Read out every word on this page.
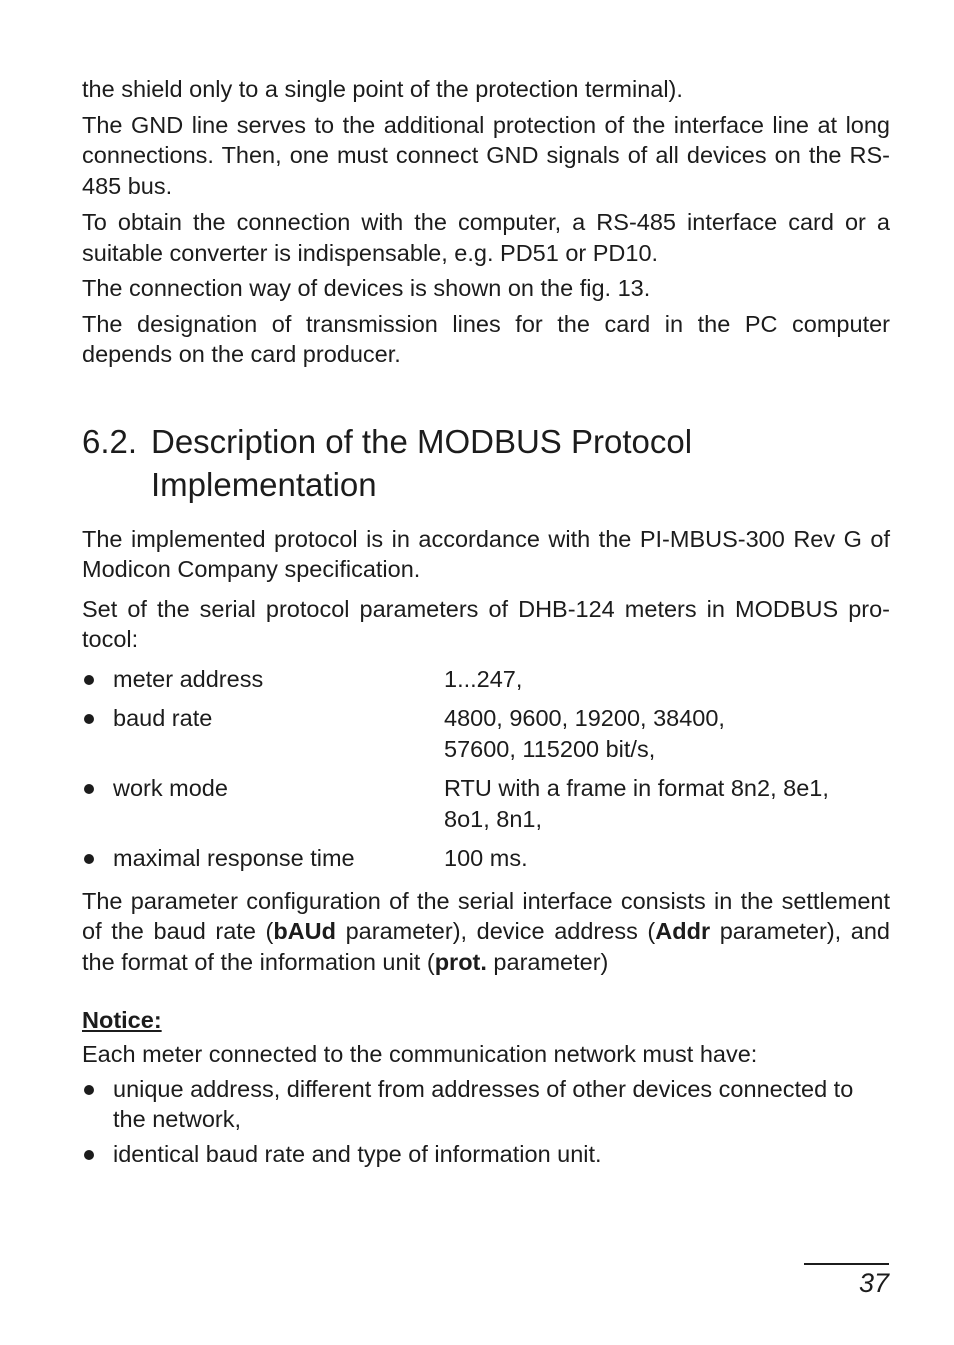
the shield only to a single point of the protection terminal).

The GND line serves to the additional protection of the interface line at long connections. Then, one must connect GND signals of all devices on the RS-485 bus.

To obtain the connection with the computer, a RS-485 interface card or a suitable converter is indispensable, e.g. PD51 or PD10.

The connection way of devices is shown on the fig. 13.

The designation of transmission lines for the card in the PC computer depends on the card producer.

6.2. Description of the MODBUS Protocol
Implementation

The implemented protocol is in accordance with the PI-MBUS-300 Rev G of Modicon Company specification.

Set of the serial protocol parameters of DHB-124 meters in MODBUS pro-tocol:

meter address	1...247,
baud rate	4800, 9600, 19200, 38400,
57600, 115200 bit/s,
work mode	RTU with a frame in format 8n2, 8e1,
8o1, 8n1,
maximal response time	100 ms.

The parameter configuration of the serial interface consists in the settlement of the baud rate (bAUd parameter), device address (Addr parameter), and the format of the information unit (prot. parameter)

Notice:

Each meter connected to the communication network must have:

unique address, different from addresses of other devices connected to the network,
identical baud rate and type of information unit.
37
